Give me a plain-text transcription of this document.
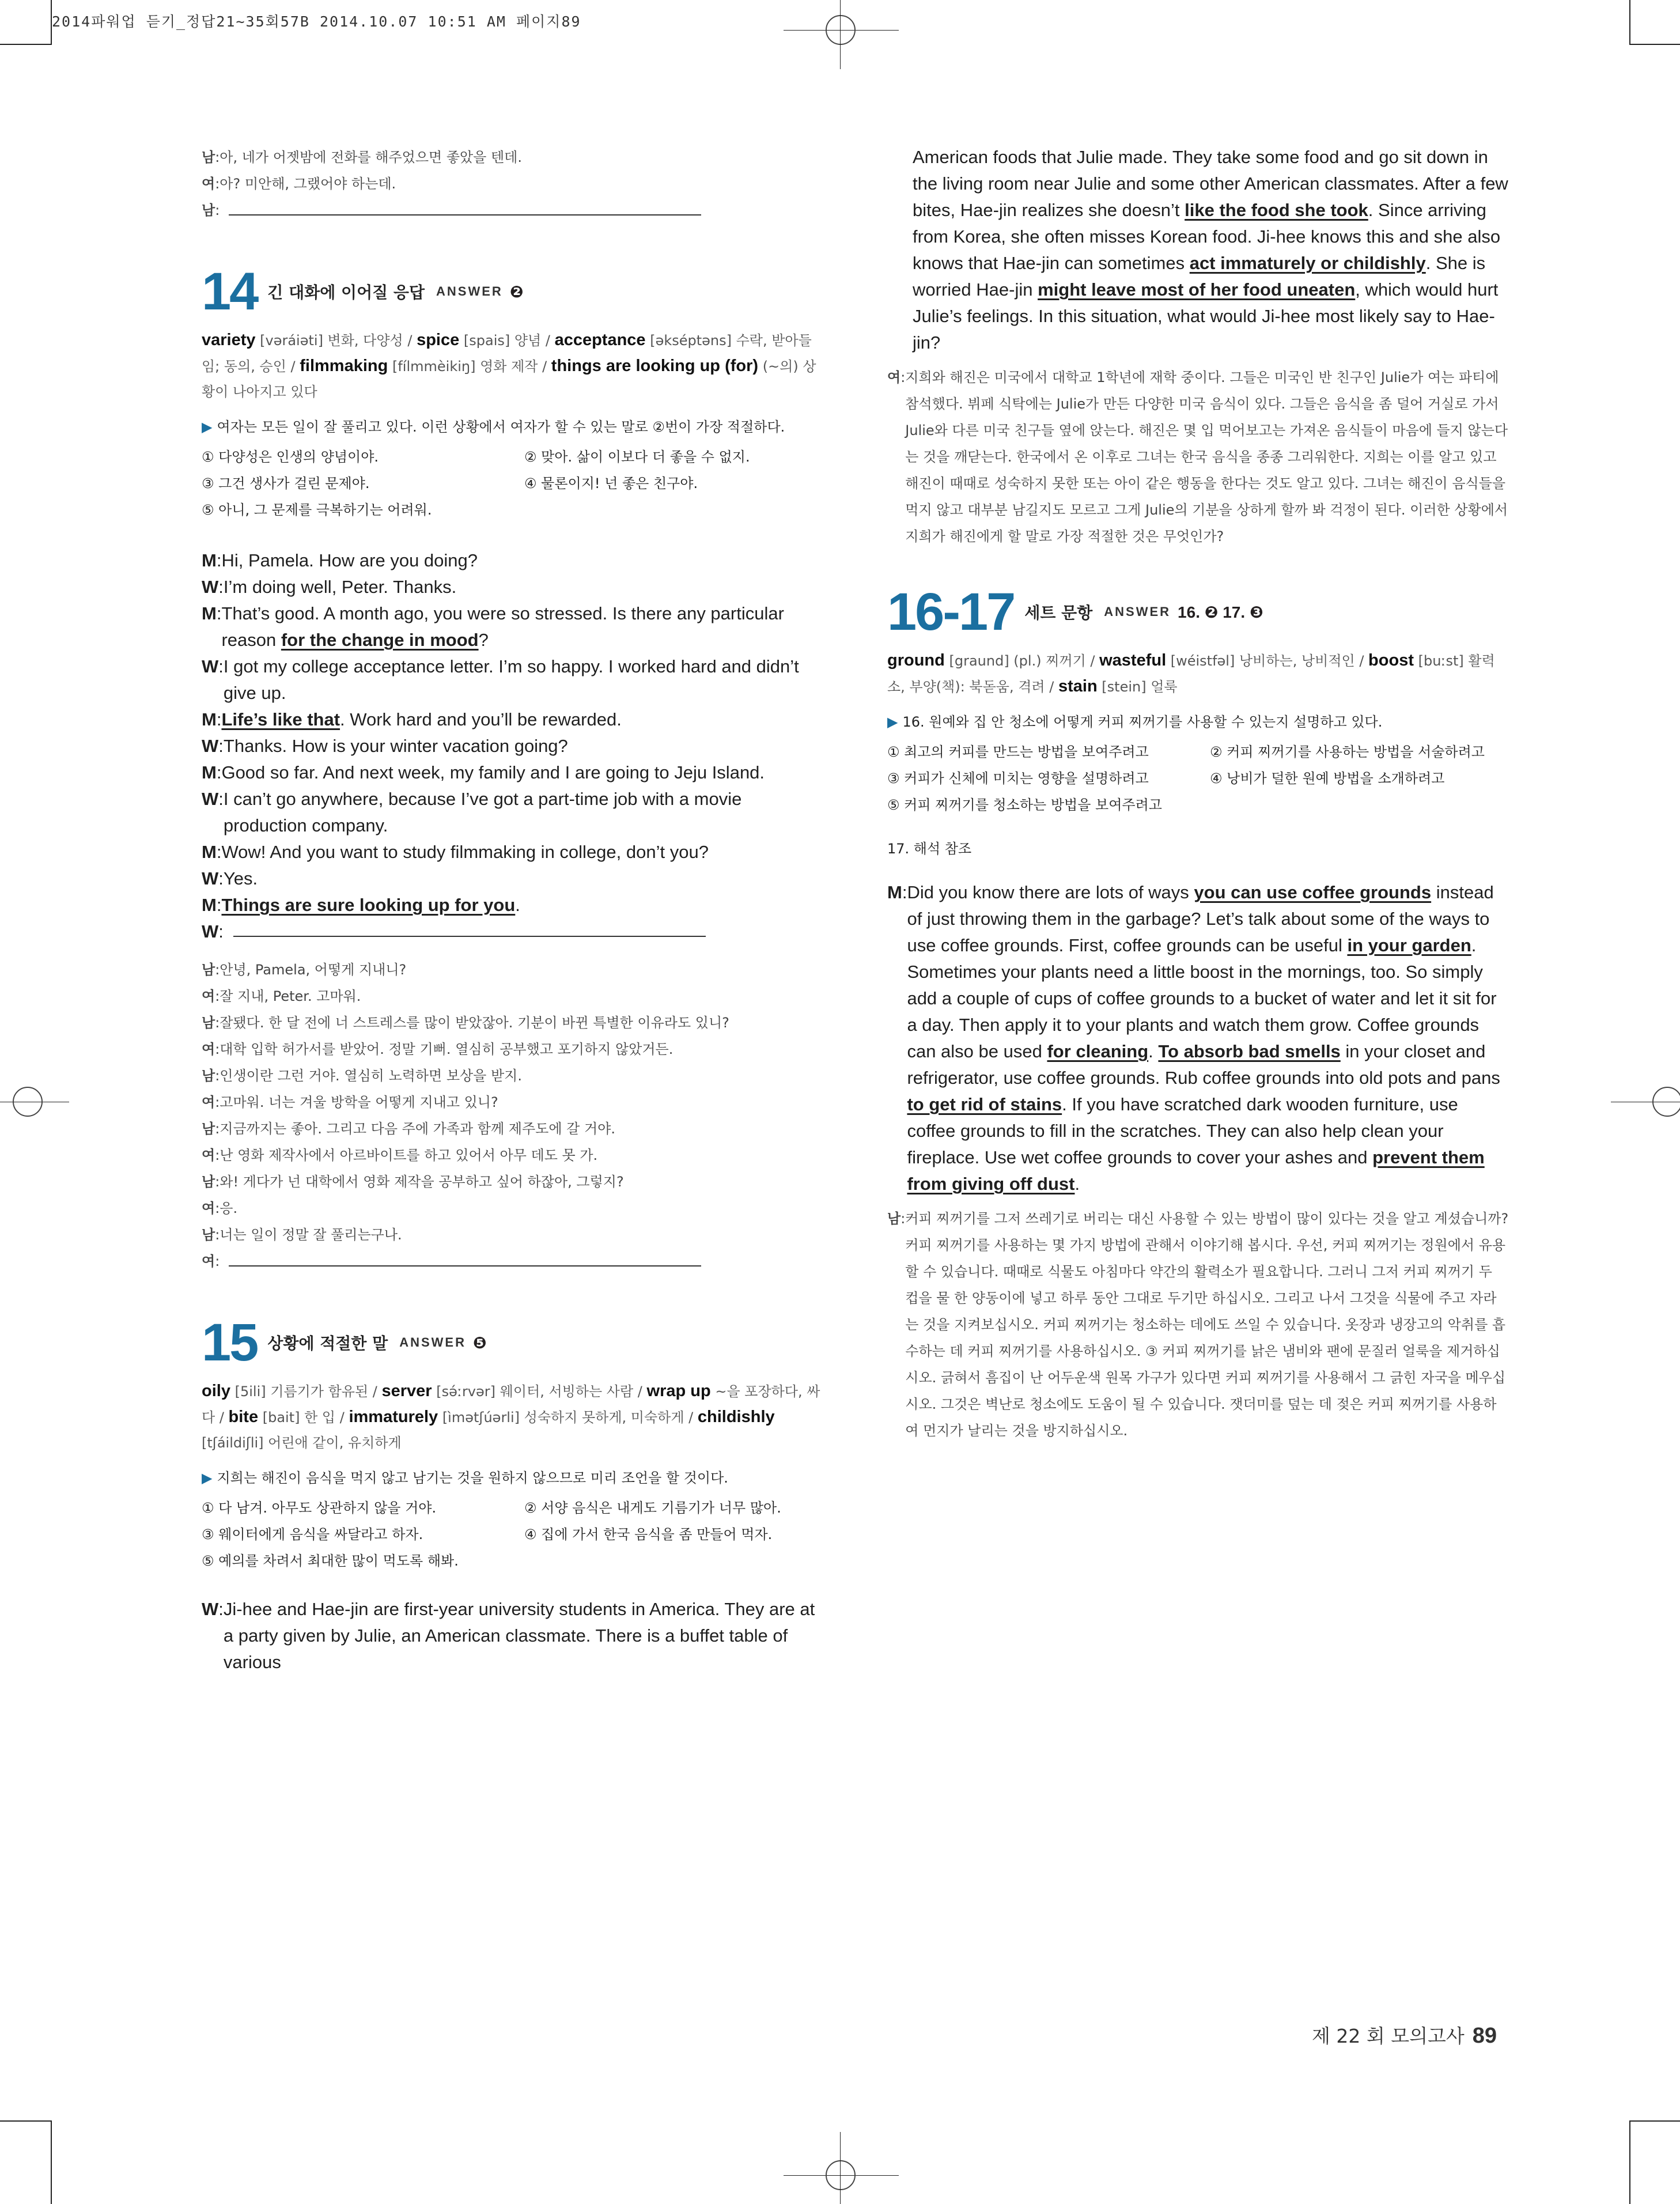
2014파워업 듣기_정답21~35회57B 2014.10.07 10:51 AM 페이지89
남 : 아, 네가 어젯밤에 전화를 해주었으면 좋았을 텐데.
여 : 아? 미안해, 그랬어야 하는데.
남 :
14 긴 대화에 이어질 응답 ANSWER ❷
variety [vəráiəti] 변화, 다양성 / spice [spais] 양념 / acceptance [əkséptəns] 수락, 받아들임; 동의, 승인 / filmmaking [fílmmèikiŋ] 영화 제작 / things are looking up (for) (~의) 상황이 나아지고 있다
▶ 여자는 모든 일이 잘 풀리고 있다. 이런 상황에서 여자가 할 수 있는 말로 ②번이 가장 적절하다.
① 다양성은 인생의 양념이야.	② 맞아. 삶이 이보다 더 좋을 수 없지.
③ 그건 생사가 걸린 문제야.	④ 물론이지! 넌 좋은 친구야.
⑤ 아니, 그 문제를 극복하기는 어려워.
M : Hi, Pamela. How are you doing?
W : I’m doing well, Peter. Thanks.
M : That’s good. A month ago, you were so stressed. Is there any particular reason for the change in mood?
W : I got my college acceptance letter. I’m so happy. I worked hard and didn’t give up.
M : Life’s like that. Work hard and you’ll be rewarded.
W : Thanks. How is your winter vacation going?
M : Good so far. And next week, my family and I are going to Jeju Island.
W : I can’t go anywhere, because I’ve got a part-time job with a movie production company.
M : Wow! And you want to study filmmaking in college, don’t you?
W : Yes.
M : Things are sure looking up for you.
W :
남 : 안녕, Pamela, 어떻게 지내니?
여 : 잘 지내, Peter. 고마워.
남 : 잘됐다. 한 달 전에 너 스트레스를 많이 받았잖아. 기분이 바뀐 특별한 이유라도 있니?
여 : 대학 입학 허가서를 받았어. 정말 기뻐. 열심히 공부했고 포기하지 않았거든.
남 : 인생이란 그런 거야. 열심히 노력하면 보상을 받지.
여 : 고마워. 너는 겨울 방학을 어떻게 지내고 있니?
남 : 지금까지는 좋아. 그리고 다음 주에 가족과 함께 제주도에 갈 거야.
여 : 난 영화 제작사에서 아르바이트를 하고 있어서 아무 데도 못 가.
남 : 와! 게다가 넌 대학에서 영화 제작을 공부하고 싶어 하잖아, 그렇지?
여 : 응.
남 : 너는 일이 정말 잘 풀리는구나.
여 :
15 상황에 적절한 말 ANSWER ❺
oily [5ili] 기름기가 함유된 / server [sə́ːrvər] 웨이터, 서빙하는 사람 / wrap up ~을 포장하다, 싸다 / bite [bait] 한 입 / immaturely [ìmətʃúərli] 성숙하지 못하게, 미숙하게 / childishly [tʃáildiʃli] 어린애 같이, 유치하게
▶ 지희는 해진이 음식을 먹지 않고 남기는 것을 원하지 않으므로 미리 조언을 할 것이다.
① 다 남겨. 아무도 상관하지 않을 거야.	② 서양 음식은 내게도 기름기가 너무 많아.
③ 웨이터에게 음식을 싸달라고 하자.	④ 집에 가서 한국 음식을 좀 만들어 먹자.
⑤ 예의를 차려서 최대한 많이 먹도록 해봐.
W : Ji-hee and Hae-jin are first-year university students in America. They are at a party given by Julie, an American classmate. There is a buffet table of various
American foods that Julie made. They take some food and go sit down in the living room near Julie and some other American classmates. After a few bites, Hae-jin realizes she doesn’t like the food she took. Since arriving from Korea, she often misses Korean food. Ji-hee knows this and she also knows that Hae-jin can sometimes act immaturely or childishly. She is worried Hae-jin might leave most of her food uneaten, which would hurt Julie’s feelings. In this situation, what would Ji-hee most likely say to Hae-jin?
여 : 지희와 해진은 미국에서 대학교 1학년에 재학 중이다. 그들은 미국인 반 친구인 Julie가 여는 파티에 참석했다. 뷔페 식탁에는 Julie가 만든 다양한 미국 음식이 있다. 그들은 음식을 좀 덜어 거실로 가서 Julie와 다른 미국 친구들 옆에 앉는다. 해진은 몇 입 먹어보고는 가져온 음식들이 마음에 들지 않는다는 것을 깨닫는다. 한국에서 온 이후로 그녀는 한국 음식을 종종 그리워한다. 지희는 이를 알고 있고 해진이 때때로 성숙하지 못한 또는 아이 같은 행동을 한다는 것도 알고 있다. 그녀는 해진이 음식들을 먹지 않고 대부분 남길지도 모르고 그게 Julie의 기분을 상하게 할까 봐 걱정이 된다. 이러한 상황에서 지희가 해진에게 할 말로 가장 적절한 것은 무엇인가?
16-17 세트 문항 ANSWER 16. ❷ 17. ❸
ground [graund] (pl.) 찌꺼기 / wasteful [wéistfəl] 낭비하는, 낭비적인 / boost [buːst] 활력소, 부양(책): 북돋움, 격려 / stain [stein] 얼룩
▶ 16. 원예와 집 안 청소에 어떻게 커피 찌꺼기를 사용할 수 있는지 설명하고 있다.
① 최고의 커피를 만드는 방법을 보여주려고	② 커피 찌꺼기를 사용하는 방법을 서술하려고
③ 커피가 신체에 미치는 영향을 설명하려고	④ 낭비가 덜한 원예 방법을 소개하려고
⑤ 커피 찌꺼기를 청소하는 방법을 보여주려고
17. 해석 참조
M : Did you know there are lots of ways you can use coffee grounds instead of just throwing them in the garbage? Let’s talk about some of the ways to use coffee grounds. First, coffee grounds can be useful in your garden. Sometimes your plants need a little boost in the mornings, too. So simply add a couple of cups of coffee grounds to a bucket of water and let it sit for a day. Then apply it to your plants and watch them grow. Coffee grounds can also be used for cleaning. To absorb bad smells in your closet and refrigerator, use coffee grounds. Rub coffee grounds into old pots and pans to get rid of stains. If you have scratched dark wooden furniture, use coffee grounds to fill in the scratches. They can also help clean your fireplace. Use wet coffee grounds to cover your ashes and prevent them from giving off dust.
남 : 커피 찌꺼기를 그저 쓰레기로 버리는 대신 사용할 수 있는 방법이 많이 있다는 것을 알고 계셨습니까? 커피 찌꺼기를 사용하는 몇 가지 방법에 관해서 이야기해 봅시다. 우선, 커피 찌꺼기는 정원에서 유용할 수 있습니다. 때때로 식물도 아침마다 약간의 활력소가 필요합니다. 그러니 그저 커피 찌꺼기 두 컵을 물 한 양동이에 넣고 하루 동안 그대로 두기만 하십시오. 그리고 나서 그것을 식물에 주고 자라는 것을 지켜보십시오. 커피 찌꺼기는 청소하는 데에도 쓰일 수 있습니다. 옷장과 냉장고의 악취를 흡수하는 데 커피 찌꺼기를 사용하십시오. ③ 커피 찌꺼기를 낡은 냄비와 팬에 문질러 얼룩을 제거하십시오. 긁혀서 흠집이 난 어두운색 원목 가구가 있다면 커피 찌꺼기를 사용해서 그 긁힌 자국을 메우십시오. 그것은 벽난로 청소에도 도움이 될 수 있습니다. 잿더미를 덮는 데 젖은 커피 찌꺼기를 사용하여 먼지가 날리는 것을 방지하십시오.
제 22 회 모의고사 89
